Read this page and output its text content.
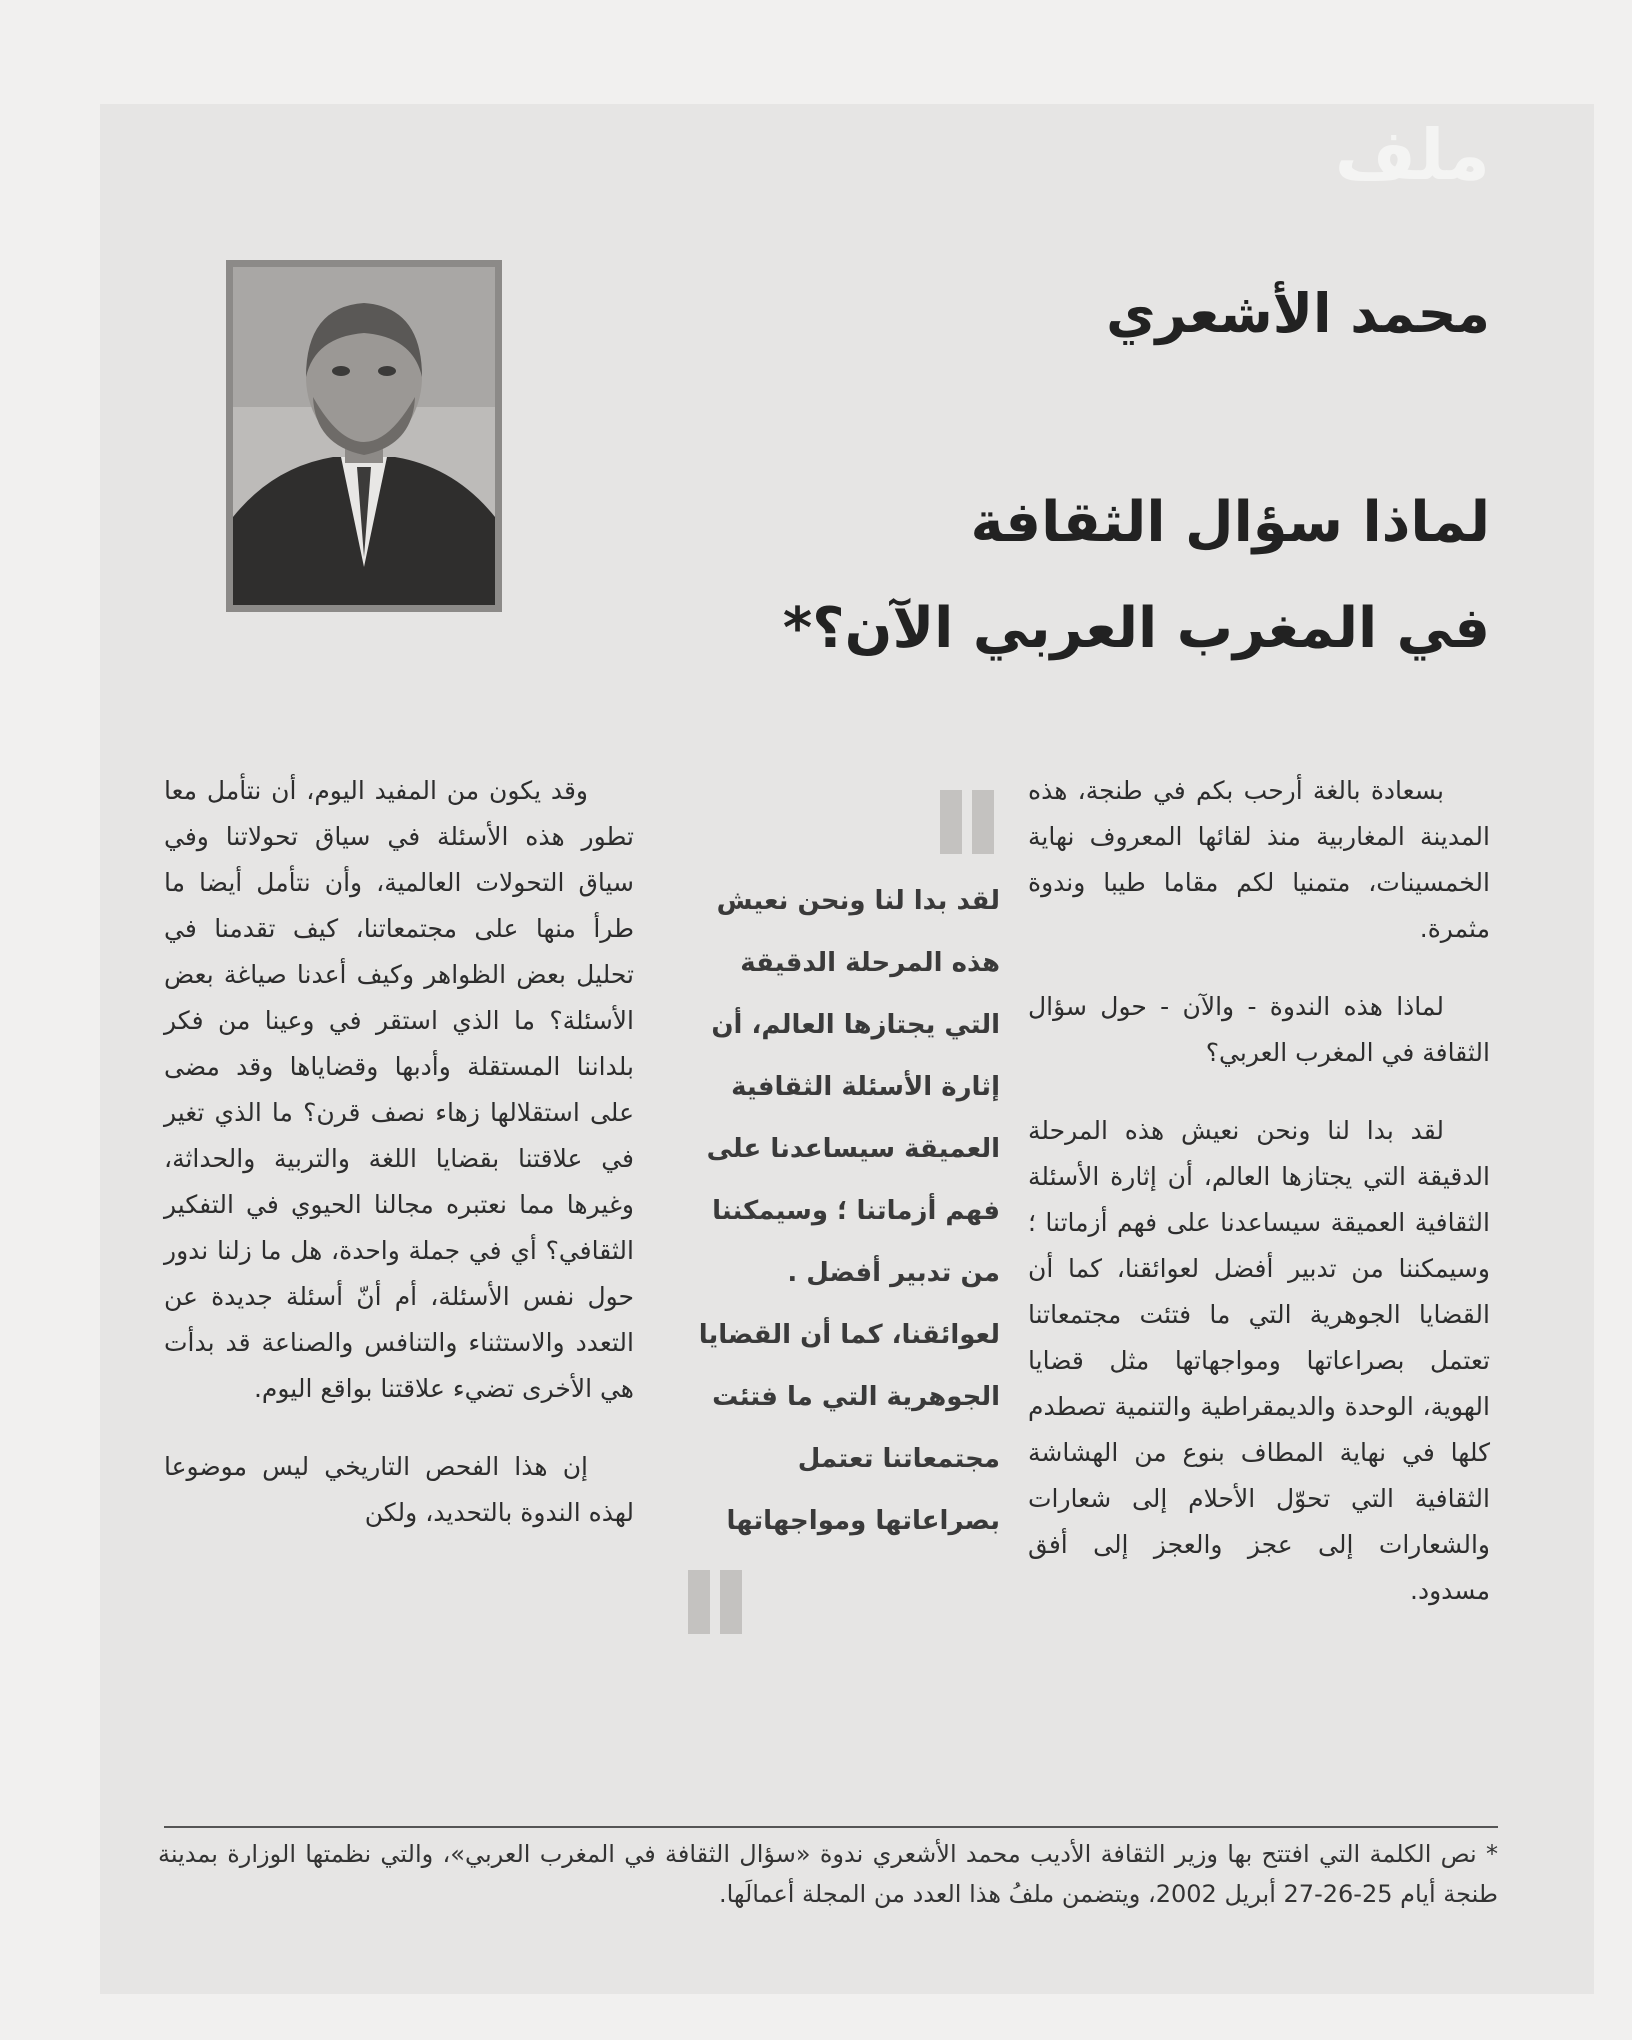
ملف
محمد الأشعري
لماذا سؤال الثقافة
في المغرب العربي الآن؟*

بسعادة بالغة أرحب بكم في طنجة، هذه المدينة المغاربية منذ لقائها المعروف نهاية الخمسينات، متمنيا لكم مقاما طيبا وندوة مثمرة.

لماذا هذه الندوة - والآن - حول سؤال الثقافة في المغرب العربي؟

لقد بدا لنا ونحن نعيش هذه المرحلة الدقيقة التي يجتازها العالم، أن إثارة الأسئلة الثقافية العميقة سيساعدنا على فهم أزماتنا ؛ وسيمكننا من تدبير أفضل لعوائقنا، كما أن القضايا الجوهرية التي ما فتئت مجتمعاتنا تعتمل بصراعاتها ومواجهاتها مثل قضايا الهوية، الوحدة والديمقراطية والتنمية تصطدم كلها في نهاية المطاف بنوع من الهشاشة الثقافية التي تحوّل الأحلام إلى شعارات والشعارات إلى عجز والعجز إلى أفق مسدود.

لقد بدا لنا ونحن نعيش
هذه المرحلة الدقيقة
التي يجتازها العالم، أن
إثارة الأسئلة الثقافية
العميقة سيساعدنا على
فهم أزماتنا ؛ وسيمكننا
من تدبير أفضل .
لعوائقنا، كما أن القضايا
الجوهرية التي ما فتئت
مجتمعاتنا تعتمل
بصراعاتها ومواجهاتها

وقد يكون من المفيد اليوم، أن نتأمل معا تطور هذه الأسئلة في سياق تحولاتنا وفي سياق التحولات العالمية، وأن نتأمل أيضا ما طرأ منها على مجتمعاتنا، كيف تقدمنا في تحليل بعض الظواهر وكيف أعدنا صياغة بعض الأسئلة؟ ما الذي استقر في وعينا من فكر بلداننا المستقلة وأدبها وقضاياها وقد مضى على استقلالها زهاء نصف قرن؟ ما الذي تغير في علاقتنا بقضايا اللغة والتربية والحداثة، وغيرها مما نعتبره مجالنا الحيوي في التفكير الثقافي؟ أي في جملة واحدة، هل ما زلنا ندور حول نفس الأسئلة، أم أنّ أسئلة جديدة عن التعدد والاستثناء والتنافس والصناعة قد بدأت هي الأخرى تضيء علاقتنا بواقع اليوم.

إن هذا الفحص التاريخي ليس موضوعا لهذه الندوة بالتحديد، ولكن

* نص الكلمة التي افتتح بها وزير الثقافة الأديب محمد الأشعري ندوة «سؤال الثقافة في المغرب العربي»، والتي نظمتها الوزارة بمدينة طنجة أيام 25-26-27 أبريل 2002، ويتضمن ملفُ هذا العدد من المجلة أعمالَها.
